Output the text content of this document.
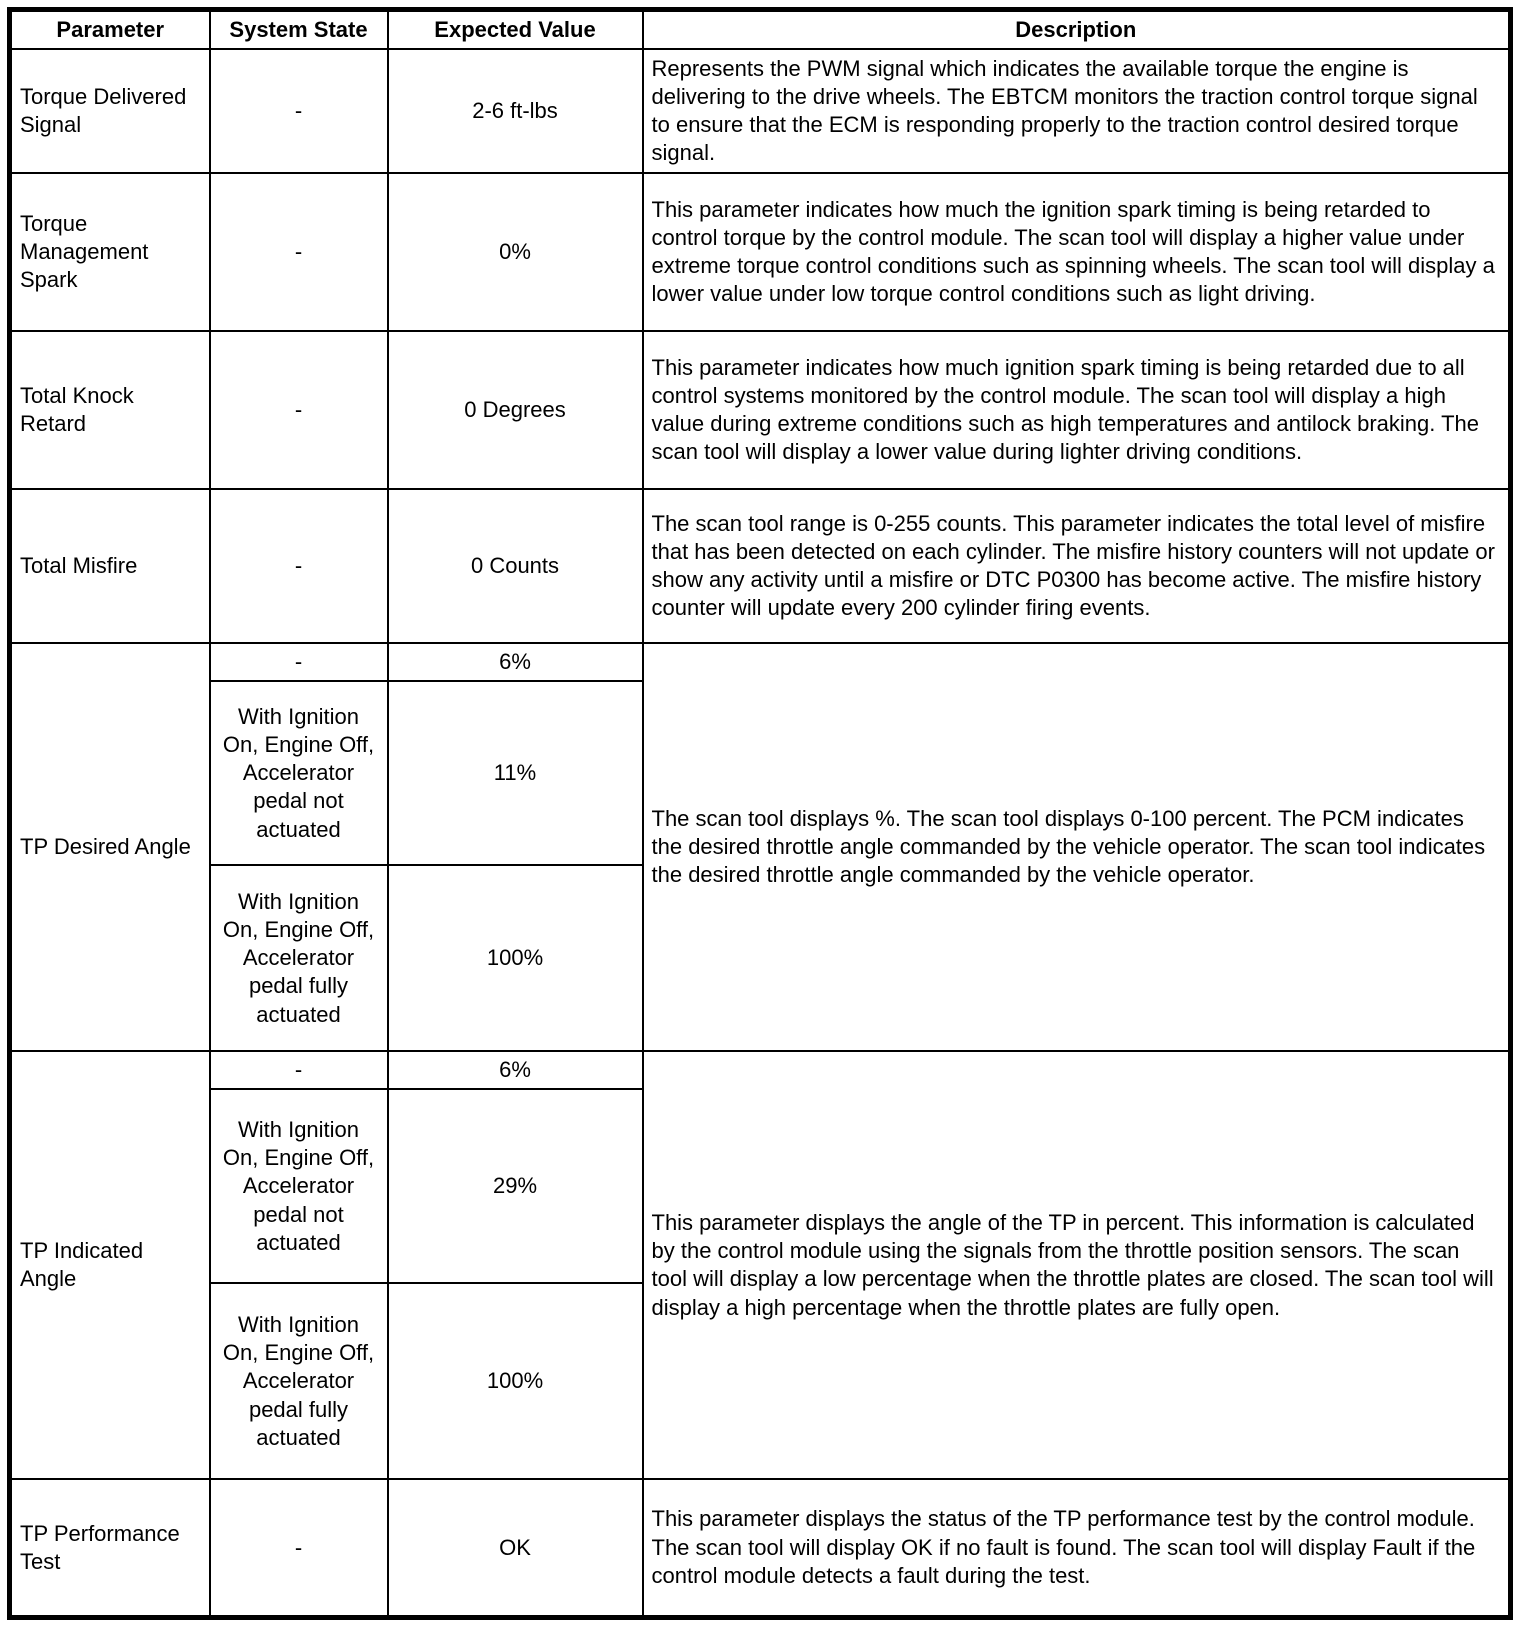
Parameter	System State	Expected Value	Description
Torque Delivered Signal	-	2-6 ft-lbs	Represents the PWM signal which indicates the available torque the engine is delivering to the drive wheels. The EBTCM monitors the traction control torque signal to ensure that the ECM is responding properly to the traction control desired torque signal.
Torque Management Spark	-	0%	This parameter indicates how much the ignition spark timing is being retarded to control torque by the control module. The scan tool will display a higher value under extreme torque control conditions such as spinning wheels. The scan tool will display a lower value under low torque control conditions such as light driving.
Total Knock Retard	-	0 Degrees	This parameter indicates how much ignition spark timing is being retarded due to all control systems monitored by the control module. The scan tool will display a high value during extreme conditions such as high temperatures and antilock braking. The scan tool will display a lower value during lighter driving conditions.
Total Misfire	-	0 Counts	The scan tool range is 0-255 counts. This parameter indicates the total level of misfire that has been detected on each cylinder. The misfire history counters will not update or show any activity until a misfire or DTC P0300 has become active. The misfire history counter will update every 200 cylinder firing events.
TP Desired Angle	-	6%	The scan tool displays %. The scan tool displays 0-100 percent. The PCM indicates the desired throttle angle commanded by the vehicle operator. The scan tool indicates the desired throttle angle commanded by the vehicle operator.
	With Ignition On, Engine Off, Accelerator pedal not actuated	11%	
	With Ignition On, Engine Off, Accelerator pedal fully actuated	100%	
TP Indicated Angle	-	6%	This parameter displays the angle of the TP in percent. This information is calculated by the control module using the signals from the throttle position sensors. The scan tool will display a low percentage when the throttle plates are closed. The scan tool will display a high percentage when the throttle plates are fully open.
	With Ignition On, Engine Off, Accelerator pedal not actuated	29%	
	With Ignition On, Engine Off, Accelerator pedal fully actuated	100%	
TP Performance Test	-	OK	This parameter displays the status of the TP performance test by the control module. The scan tool will display OK if no fault is found. The scan tool will display Fault if the control module detects a fault during the test.
